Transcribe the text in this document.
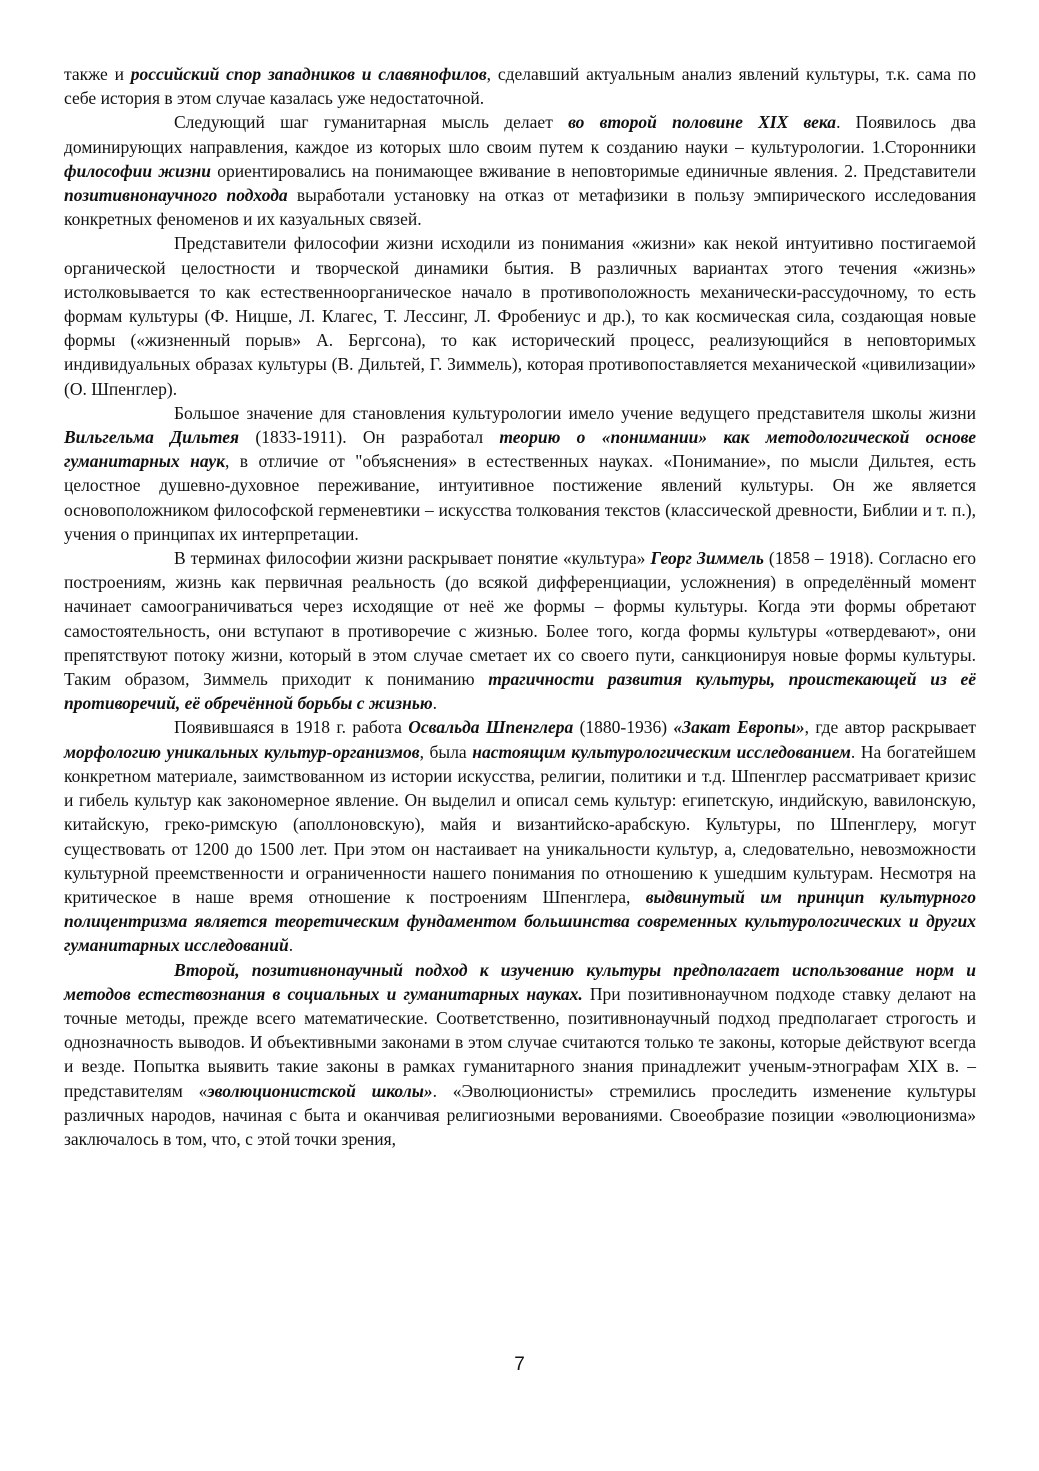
также и российский спор западников и славянофилов, сделавший актуальным анализ явлений культуры, т.к. сама по себе история в этом случае казалась уже недостаточной.

Следующий шаг гуманитарная мысль делает во второй половине XIX века. Появилось два доминирующих направления, каждое из которых шло своим путем к созданию науки – культурологии. 1.Сторонники философии жизни ориентировались на понимающее вживание в неповторимые единичные явления. 2. Представители позитивнонаучного подхода выработали установку на отказ от метафизики в пользу эмпирического исследования конкретных феноменов и их казуальных связей.

Представители философии жизни исходили из понимания «жизни» как некой интуитивно постигаемой органической целостности и творческой динамики бытия. В различных вариантах этого течения «жизнь» истолковывается то как естественноорганическое начало в противоположность механически-рассудочному, то есть формам культуры (Ф. Ницше, Л. Клагес, Т. Лессинг, Л. Фробениус и др.), то как космическая сила, создающая новые формы («жизненный порыв» А. Бергсона), то как исторический процесс, реализующийся в неповторимых индивидуальных образах культуры (В. Дильтей, Г. Зиммель), которая противопоставляется механической «цивилизации» (О. Шпенглер).

Большое значение для становления культурологии имело учение ведущего представителя школы жизни Вильгельма Дильтея (1833-1911). Он разработал теорию о «понимании» как методологической основе гуманитарных наук, в отличие от "объяснения» в естественных науках. «Понимание», по мысли Дильтея, есть целостное душевно-духовное переживание, интуитивное постижение явлений культуры. Он же является основоположником философской герменевтики – искусства толкования текстов (классической древности, Библии и т. п.), учения о принципах их интерпретации.

В терминах философии жизни раскрывает понятие «культура» Георг Зиммель (1858 – 1918). Согласно его построениям, жизнь как первичная реальность (до всякой дифференциации, усложнения) в определённый момент начинает самоограничиваться через исходящие от неё же формы – формы культуры. Когда эти формы обретают самостоятельность, они вступают в противоречие с жизнью. Более того, когда формы культуры «отвердевают», они препятствуют потоку жизни, который в этом случае сметает их со своего пути, санкционируя новые формы культуры. Таким образом, Зиммель приходит к пониманию трагичности развития культуры, проистекающей из её противоречий, её обречённой борьбы с жизнью.

Появившаяся в 1918 г. работа Освальда Шпенглера (1880-1936) «Закат Европы», где автор раскрывает морфологию уникальных культур-организмов, была настоящим культурологическим исследованием. На богатейшем конкретном материале, заимствованном из истории искусства, религии, политики и т.д. Шпенглер рассматривает кризис и гибель культур как закономерное явление. Он выделил и описал семь культур: египетскую, индийскую, вавилонскую, китайскую, греко-римскую (аполлоновскую), майя и византийско-арабскую. Культуры, по Шпенглеру, могут существовать от 1200 до 1500 лет. При этом он настаивает на уникальности культур, а, следовательно, невозможности культурной преемственности и ограниченности нашего понимания по отношению к ушедшим культурам. Несмотря на критическое в наше время отношение к построениям Шпенглера, выдвинутый им принцип культурного полицентризма является теоретическим фундаментом большинства современных культурологических и других гуманитарных исследований.

Второй, позитивнонаучный подход к изучению культуры предполагает использование норм и методов естествознания в социальных и гуманитарных науках. При позитивнонаучном подходе ставку делают на точные методы, прежде всего математические. Соответственно, позитивнонаучный подход предполагает строгость и однозначность выводов. И объективными законами в этом случае считаются только те законы, которые действуют всегда и везде. Попытка выявить такие законы в рамках гуманитарного знания принадлежит ученым-этнографам XIX в. – представителям «эволюционистской школы». «Эволюционисты» стремились проследить изменение культуры различных народов, начиная с быта и оканчивая религиозными верованиями. Своеобразие позиции «эволюционизма» заключалось в том, что, с этой точки зрения,

7
